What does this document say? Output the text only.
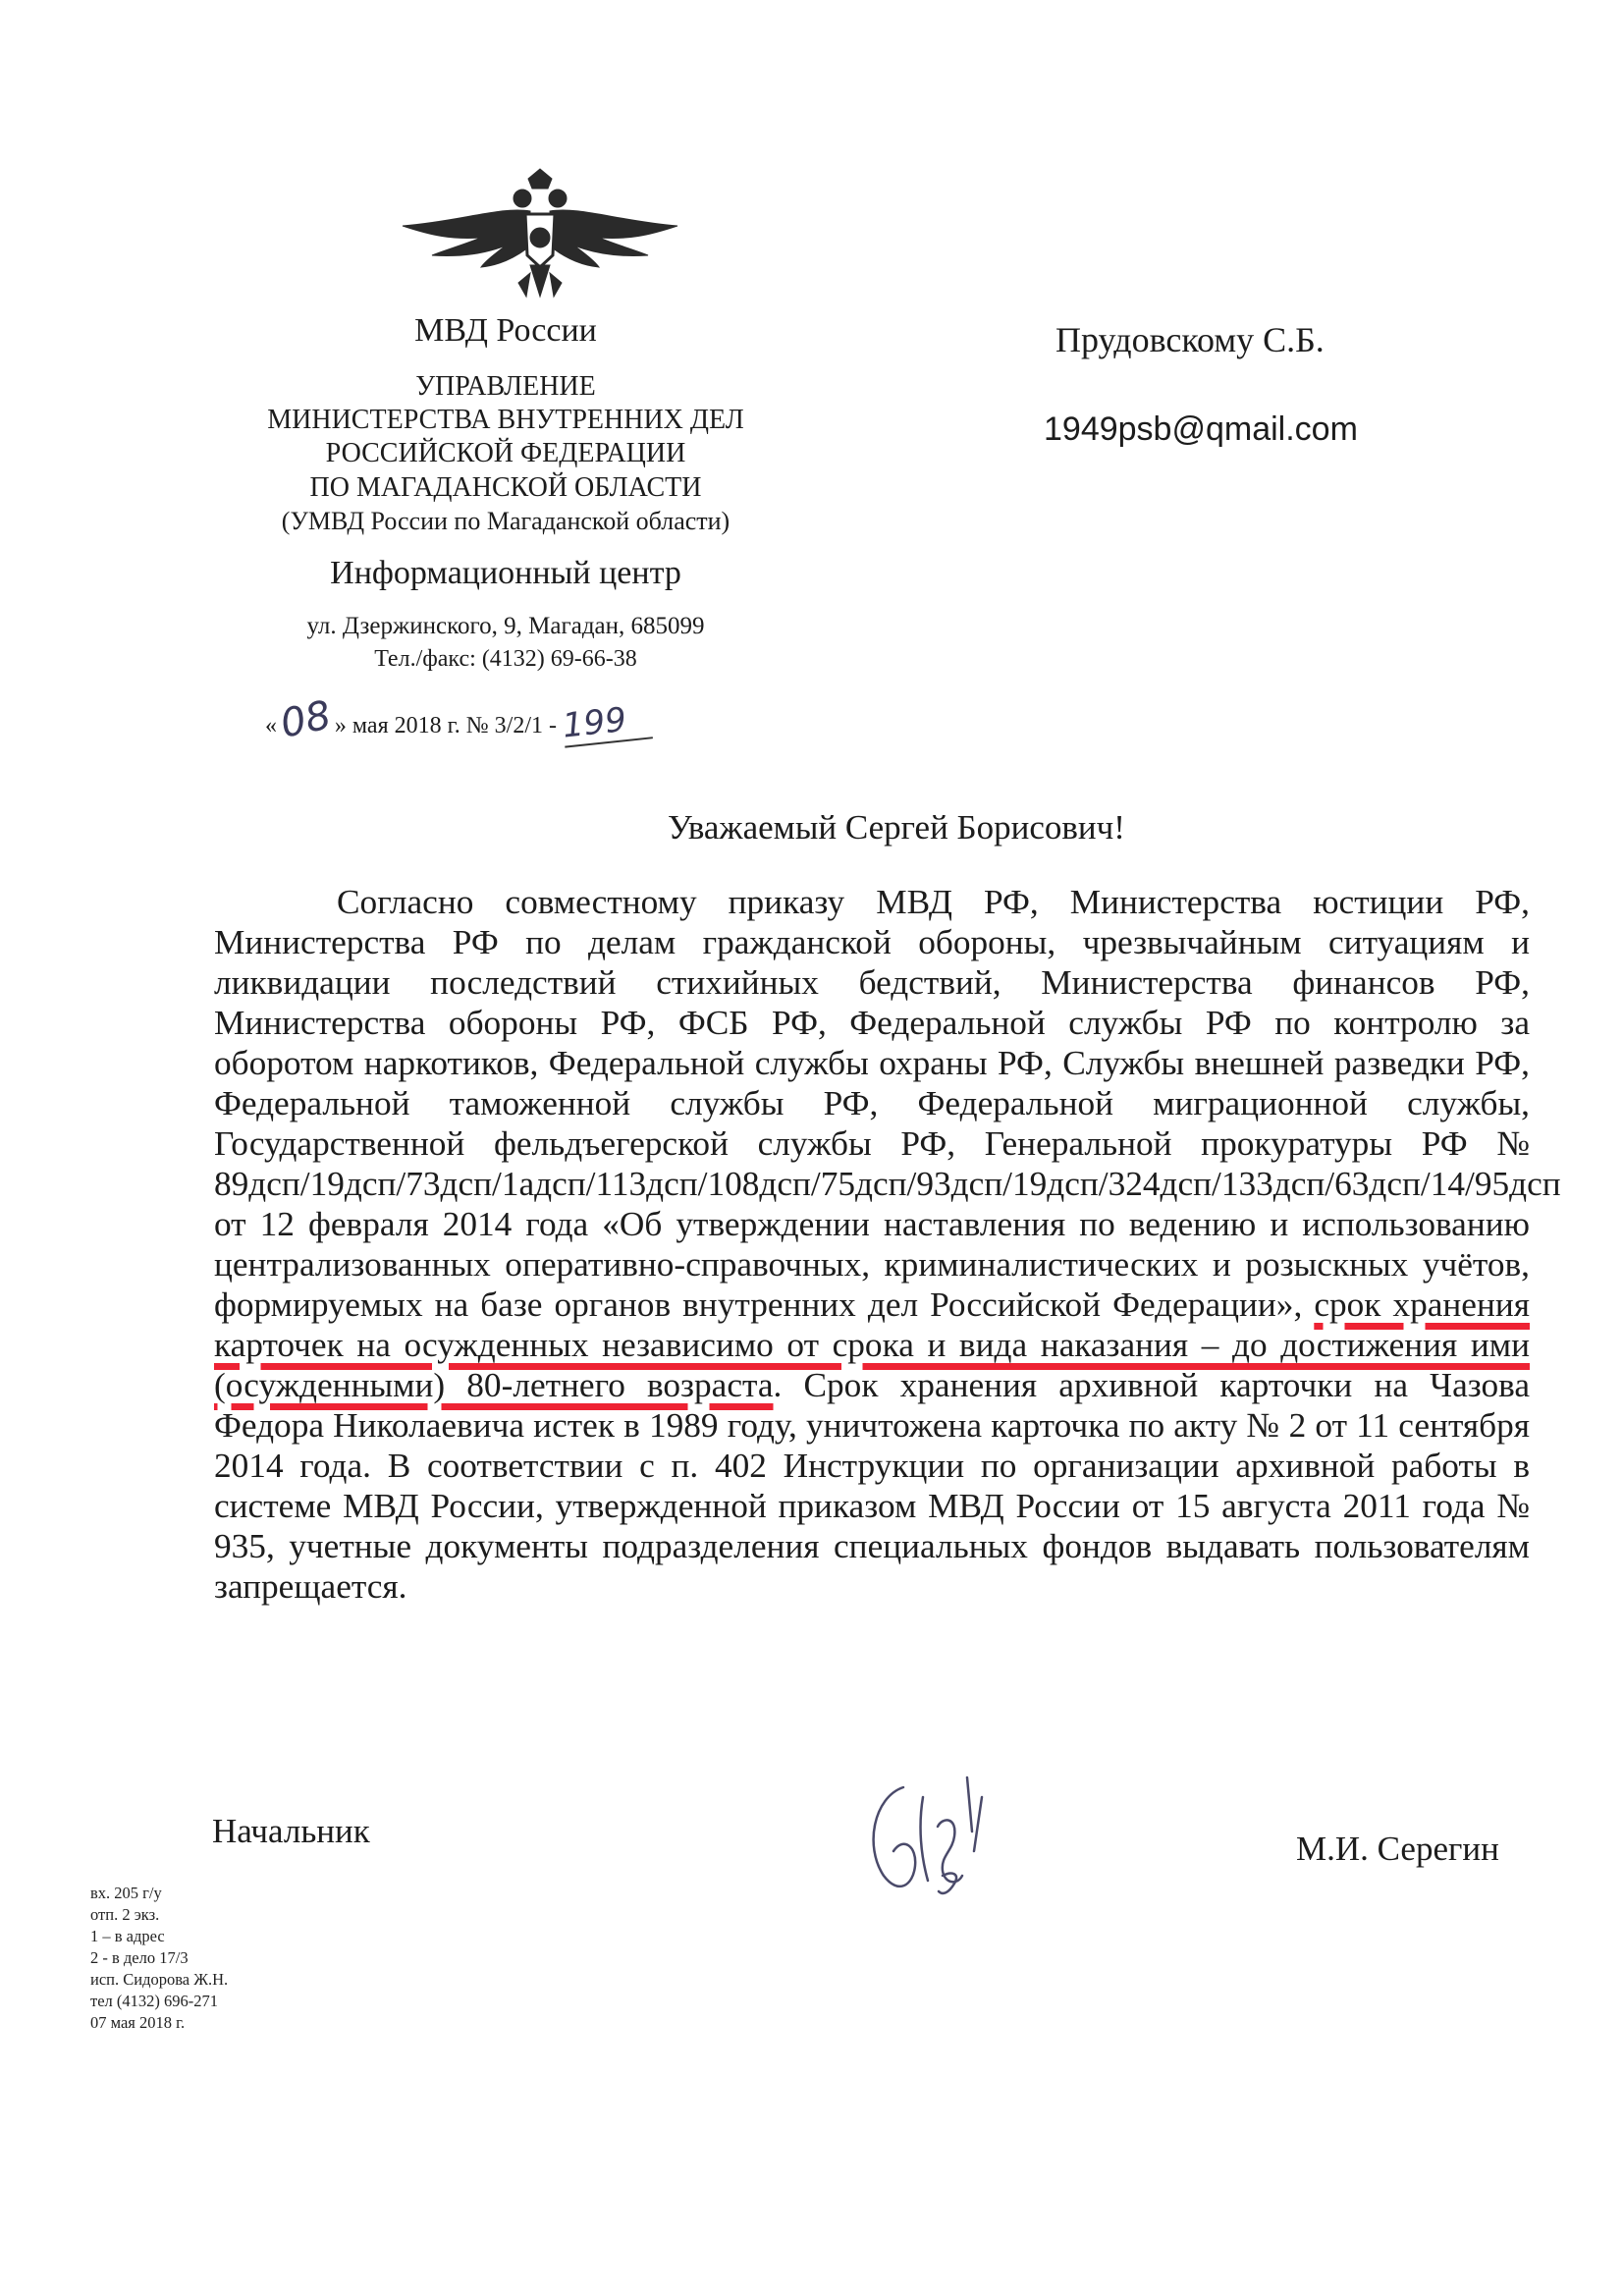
МВД России
УПРАВЛЕНИЕ
МИНИСТЕРСТВА ВНУТРЕННИХ ДЕЛ
РОССИЙСКОЙ ФЕДЕРАЦИИ
ПО МАГАДАНСКОЙ ОБЛАСТИ
(УМВД России по Магаданской области)
Информационный центр
ул. Дзержинского, 9, Магадан, 685099
Тел./факс: (4132) 69-66-38
«08» мая 2018 г. № 3/2/1 - 199
Прудовскому С.Б.
1949psb@qmail.com
Уважаемый Сергей Борисович!

Согласно совместному приказу МВД РФ, Министерства юстиции РФ, Министерства РФ по делам гражданской обороны, чрезвычайным ситуациям и ликвидации последствий стихийных бедствий, Министерства финансов РФ, Министерства обороны РФ, ФСБ РФ, Федеральной службы РФ по контролю за оборотом наркотиков, Федеральной службы охраны РФ, Службы внешней разведки РФ, Федеральной таможенной службы РФ, Федеральной миграционной службы, Государственной фельдъегерской службы РФ, Генеральной прокуратуры РФ № 89дсп/19дсп/73дсп/1адсп/113дсп/108дсп/75дсп/93дсп/19дсп/324дсп/133дсп/63дсп/14/95дсп от 12 февраля 2014 года «Об утверждении наставления по ведению и использованию централизованных оперативно-справочных, криминалистических и розыскных учётов, формируемых на базе органов внутренних дел Российской Федерации», срок хранения карточек на осужденных независимо от срока и вида наказания – до достижения ими (осужденными) 80-летнего возраста. Срок хранения архивной карточки на Чазова Федора Николаевича истек в 1989 году, уничтожена карточка по акту № 2 от 11 сентября 2014 года. В соответствии с п. 402 Инструкции по организации архивной работы в системе МВД России, утвержденной приказом МВД России от 15 августа 2011 года № 935, учетные документы подразделения специальных фондов выдавать пользователям запрещается.

Начальник	М.И. Серегин
вх. 205 г/у
отп. 2 экз.
1 – в адрес
2 - в дело 17/3
исп. Сидорова Ж.Н.
тел (4132) 696-271
07 мая 2018 г.
